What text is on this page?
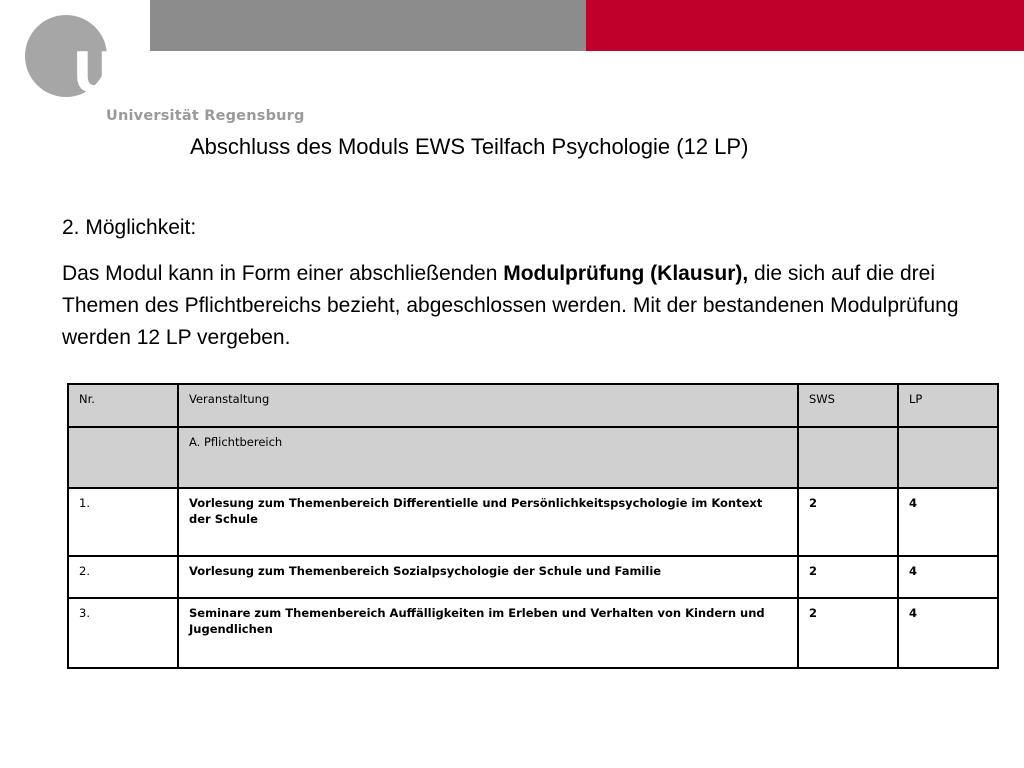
UR
Universität Regensburg
Abschluss des Moduls EWS Teilfach Psychologie (12 LP)
2. Möglichkeit:
Das Modul kann in Form einer abschließenden Modulprüfung (Klausur), die sich auf die drei Themen des Pflichtbereichs bezieht, abgeschlossen werden. Mit der bestandenen Modulprüfung werden 12 LP vergeben.
Nr.	Veranstaltung	SWS	LP
	A. Pflichtbereich		
1.	Vorlesung zum Themenbereich Differentielle und Persönlichkeitspsychologie im Kontext der Schule	2	4
2.	Vorlesung zum Themenbereich Sozialpsychologie der Schule und Familie	2	4
3.	Seminare zum Themenbereich Auffälligkeiten im Erleben und Verhalten von Kindern und Jugendlichen	2	4
